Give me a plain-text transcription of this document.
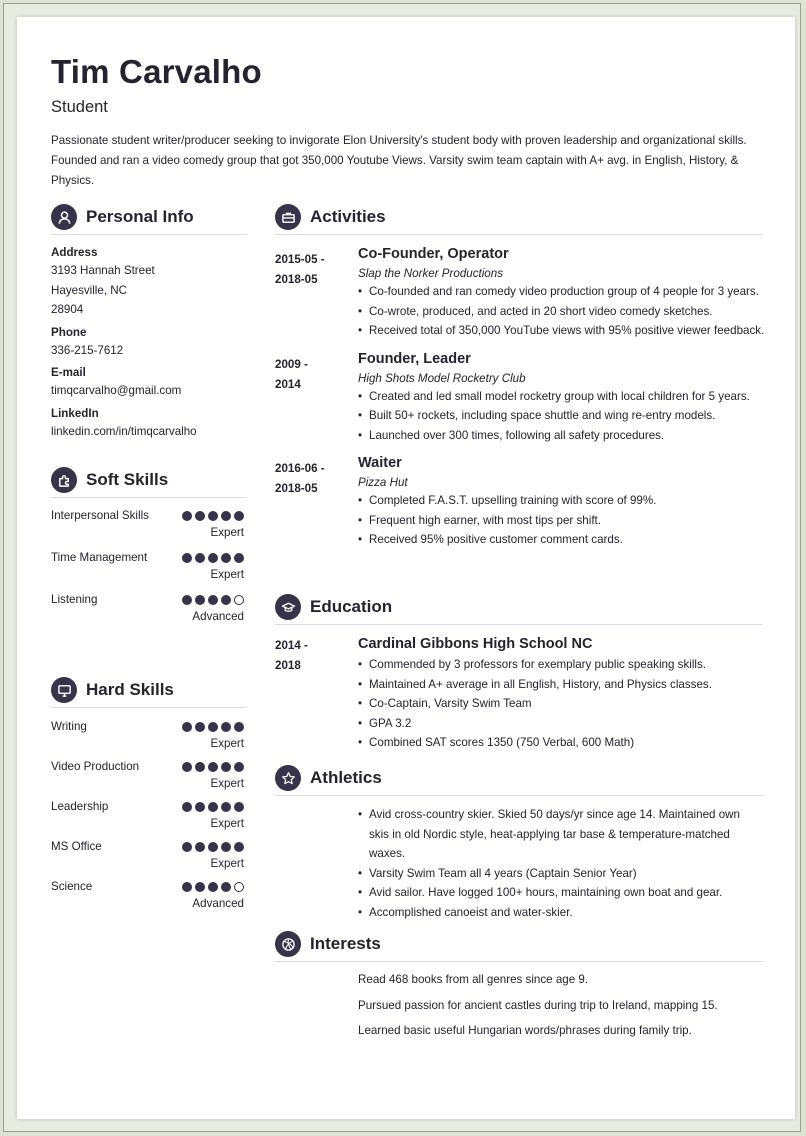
Tim Carvalho
Student
Passionate student writer/producer seeking to invigorate Elon University's student body with proven leadership and organizational skills. Founded and ran a video comedy group that got 350,000 Youtube Views. Varsity swim team captain with A+ avg. in English, History, & Physics.
Personal Info
Address
3193 Hannah Street
Hayesville, NC
28904
Phone
336-215-7612
E-mail
timqcarvalho@gmail.com
LinkedIn
linkedin.com/in/timqcarvalho
Soft Skills
Interpersonal Skills
Expert
Time Management
Expert
Listening
Advanced
Hard Skills
Writing
Expert
Video Production
Expert
Leadership
Expert
MS Office
Expert
Science
Advanced
Activities
2015-05 -
2018-05
Co-Founder, Operator
Slap the Norker Productions
• Co-founded and ran comedy video production group of 4 people for 3 years.
• Co-wrote, produced, and acted in 20 short video comedy sketches.
• Received total of 350,000 YouTube views with 95% positive viewer feedback.
2009 -
2014
Founder, Leader
High Shots Model Rocketry Club
• Created and led small model rocketry group with local children for 5 years.
• Built 50+ rockets, including space shuttle and wing re-entry models.
• Launched over 300 times, following all safety procedures.
2016-06 -
2018-05
Waiter
Pizza Hut
• Completed F.A.S.T. upselling training with score of 99%.
• Frequent high earner, with most tips per shift.
• Received 95% positive customer comment cards.
Education
2014 -
2018
Cardinal Gibbons High School NC
• Commended by 3 professors for exemplary public speaking skills.
• Maintained A+ average in all English, History, and Physics classes.
• Co-Captain, Varsity Swim Team
• GPA 3.2
• Combined SAT scores 1350 (750 Verbal, 600 Math)
Athletics
• Avid cross-country skier. Skied 50 days/yr since age 14. Maintained own skis in old Nordic style, heat-applying tar base & temperature-matched waxes.
• Varsity Swim Team all 4 years (Captain Senior Year)
• Avid sailor. Have logged 100+ hours, maintaining own boat and gear.
• Accomplished canoeist and water-skier.
Interests
Read 468 books from all genres since age 9.
Pursued passion for ancient castles during trip to Ireland, mapping 15.
Learned basic useful Hungarian words/phrases during family trip.
